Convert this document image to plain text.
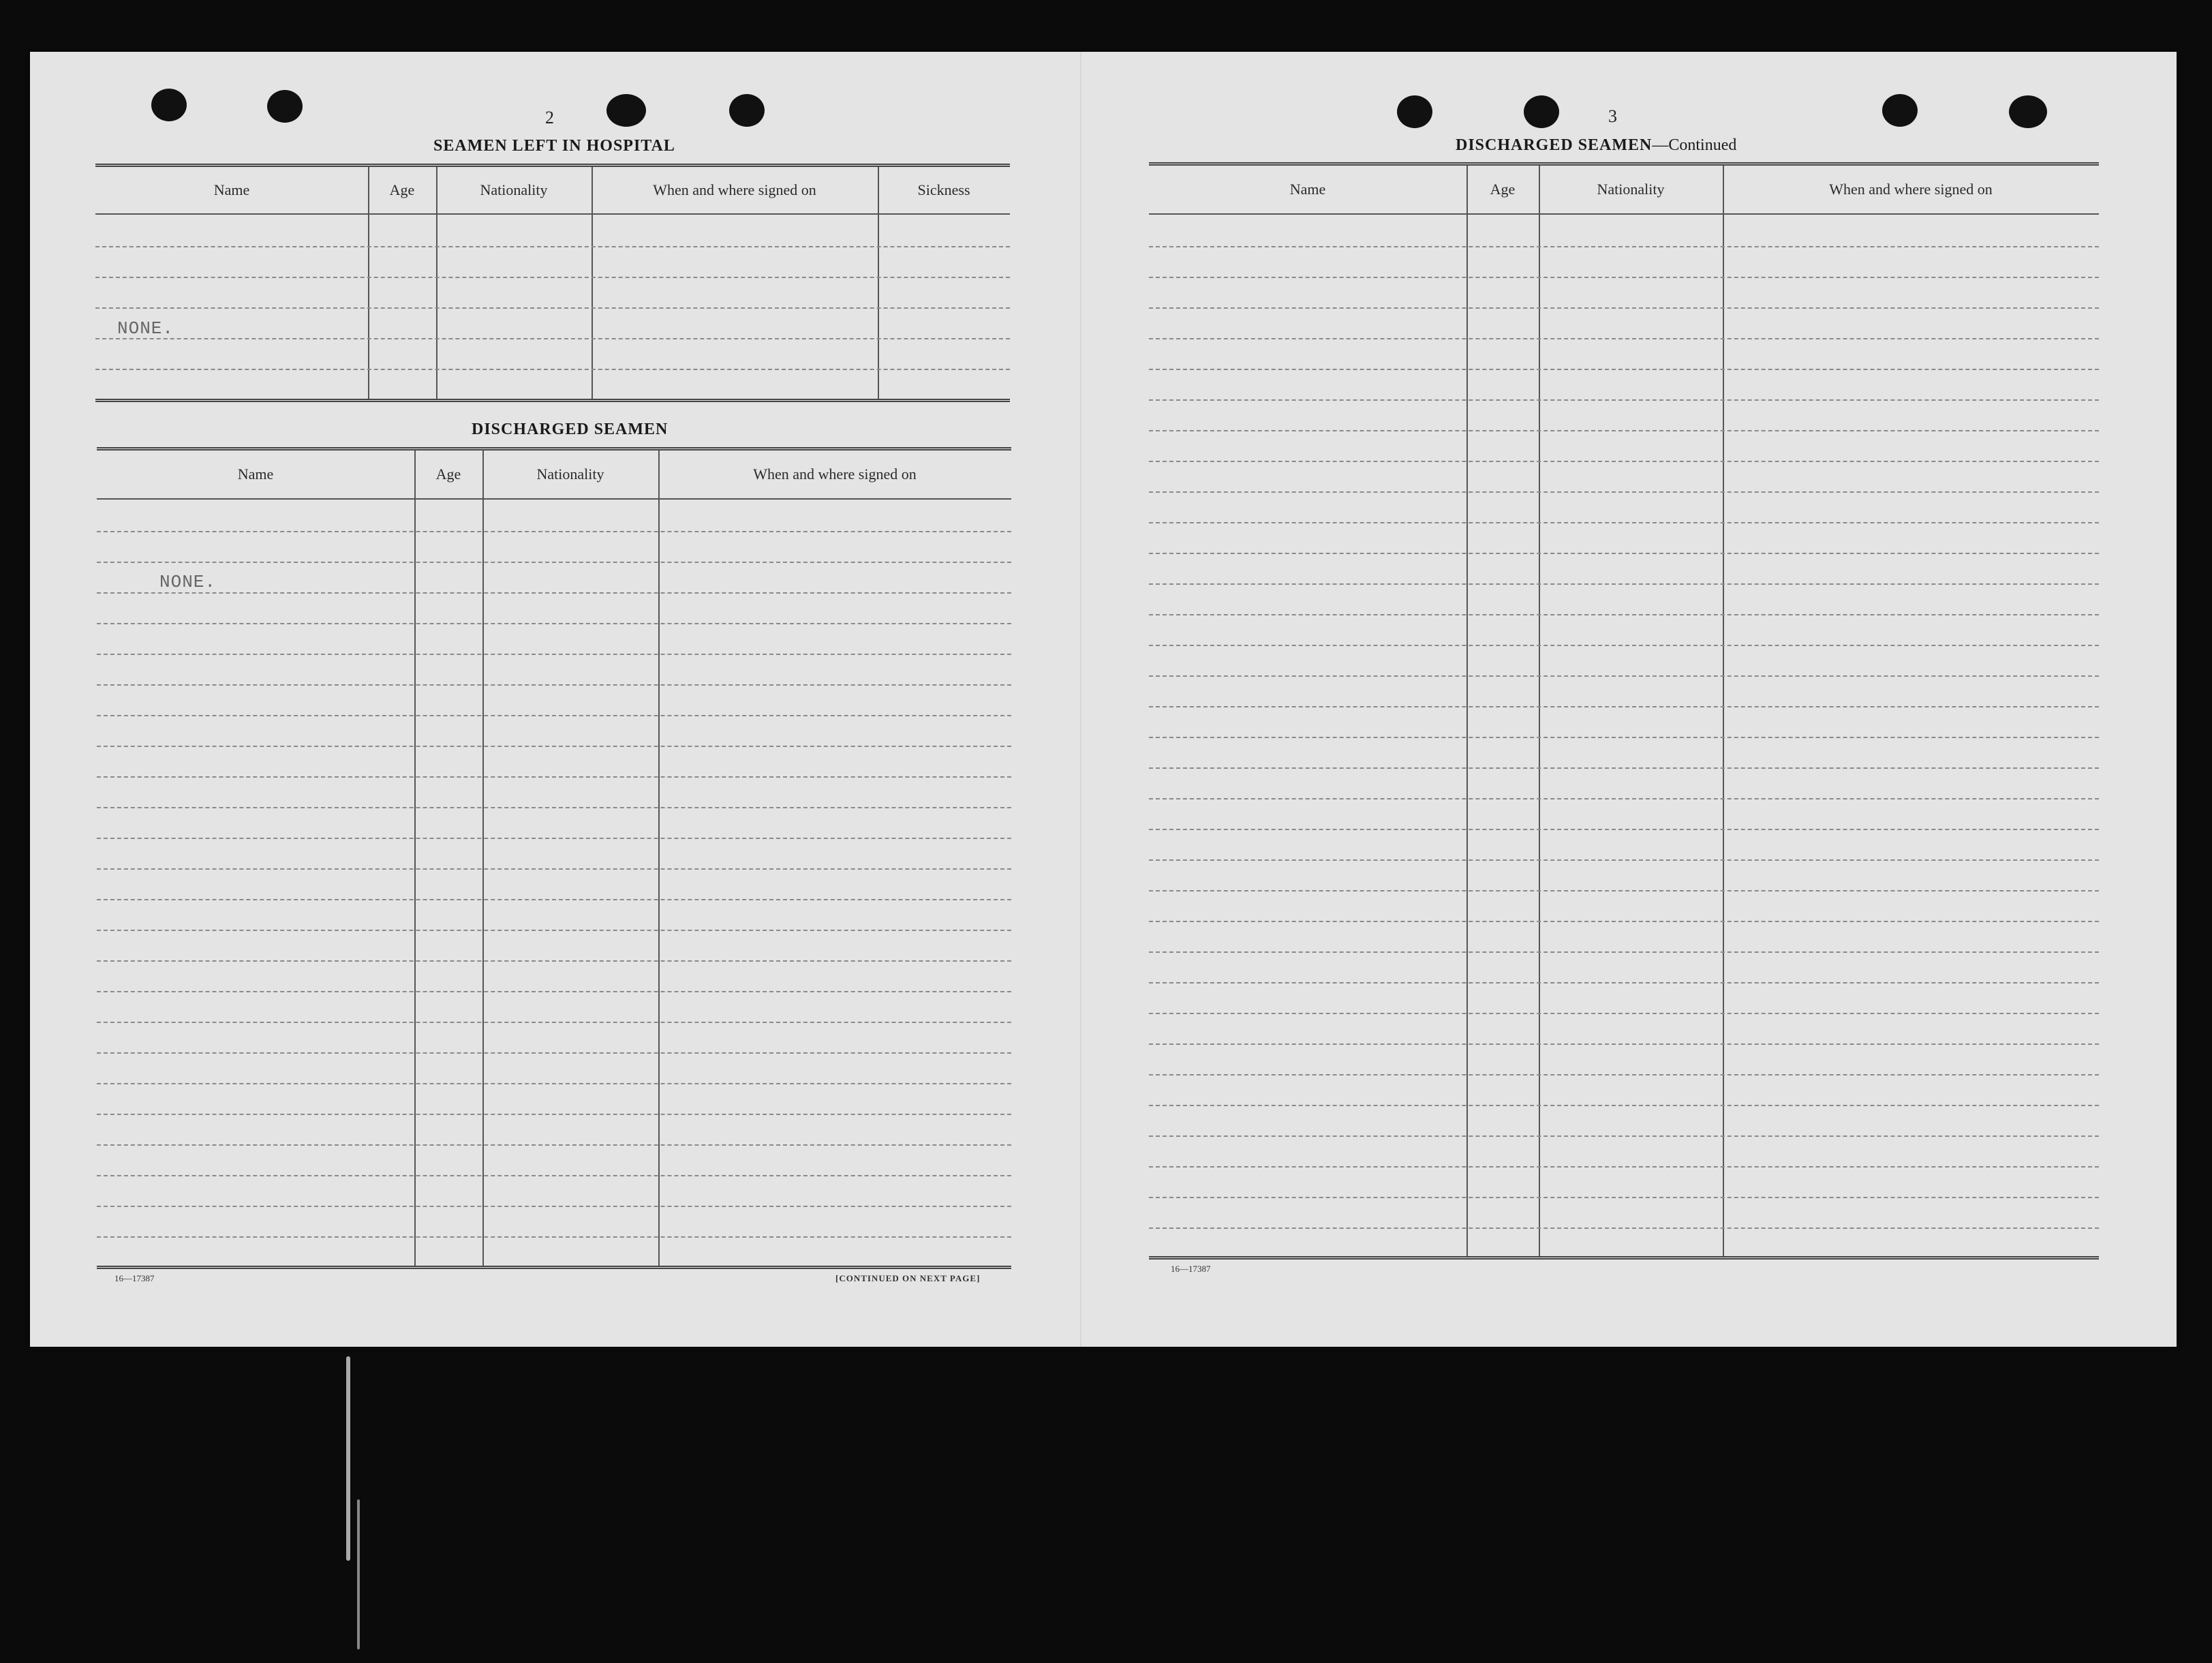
2
SEAMEN LEFT IN HOSPITAL
Name	Age	Nationality	When and where signed on	Sickness
NONE.
DISCHARGED SEAMEN
Name	Age	Nationality	When and where signed on
NONE.
16—17387	[CONTINUED ON NEXT PAGE]
3
DISCHARGED SEAMEN—Continued
Name	Age	Nationality	When and where signed on
16—17387
